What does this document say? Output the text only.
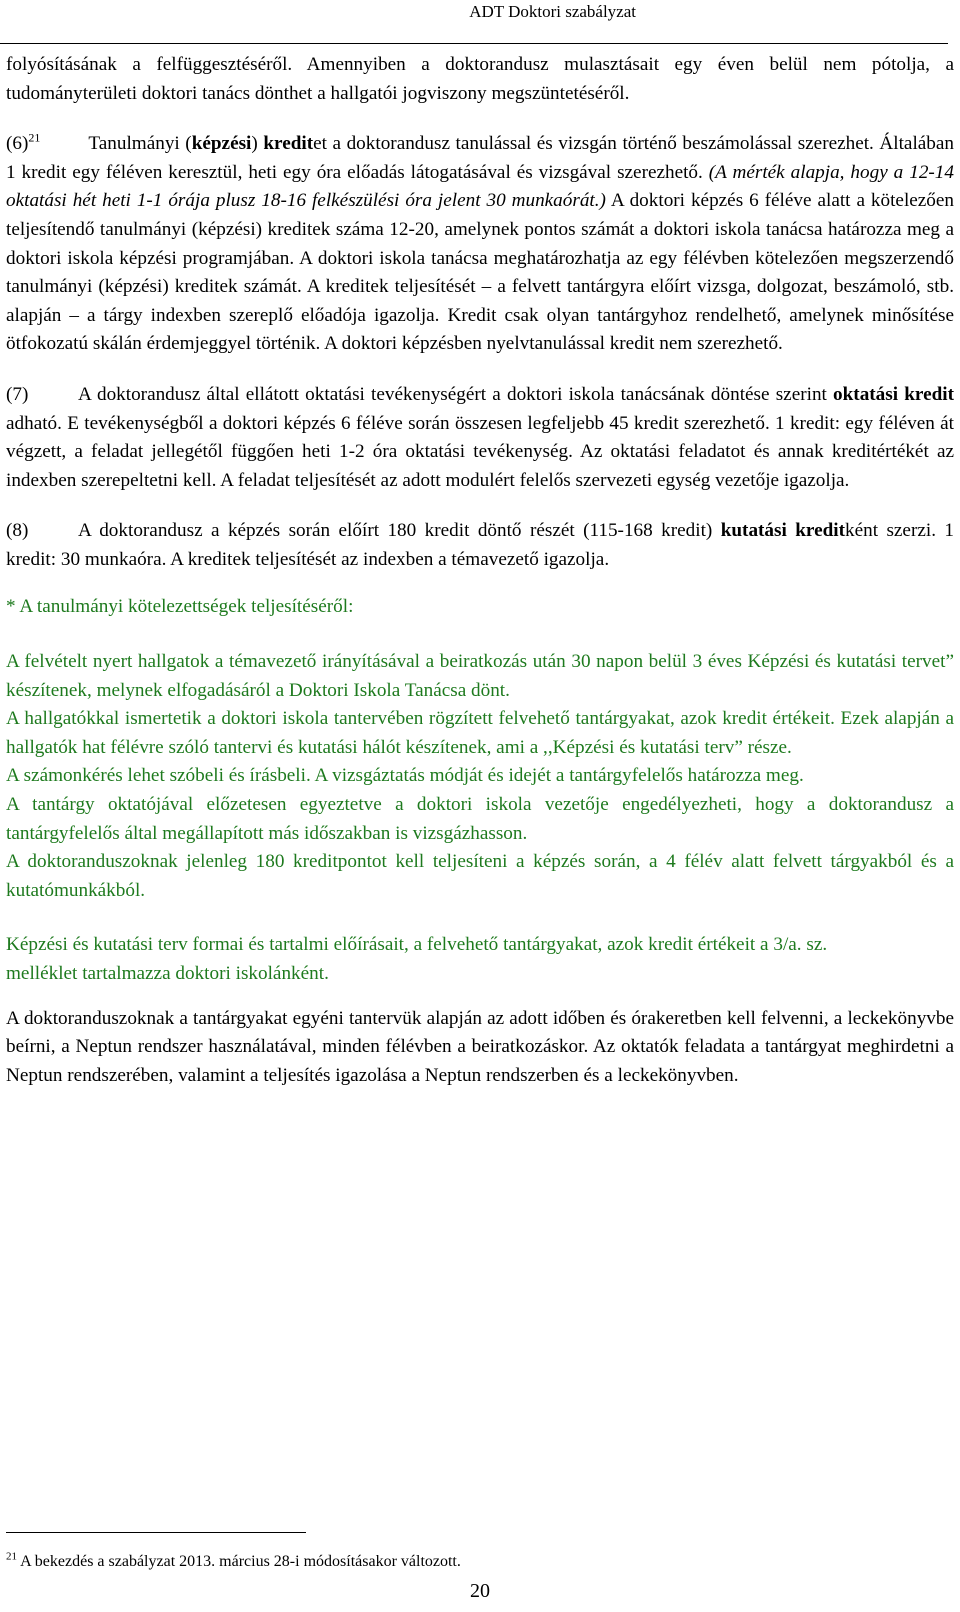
ADT Doktori szabályzat

folyósításának a felfüggesztéséről. Amennyiben a doktorandusz mulasztásait egy éven belül nem pótolja, a tudományterületi doktori tanács dönthet a hallgatói jogviszony megszüntetéséről.

$(6)^{21}$	Tanulmányi (képzési) kreditet a doktorandusz tanulással és vizsgán történő beszámolással szerezhet. Általában 1 kredit egy féléven keresztül, heti egy óra előadás látogatásával és vizsgával szerezhető. (A mérték alapja, hogy a 12-14 oktatási hét heti 1-1 órája plusz 18-16 felkészülési óra jelent 30 munkaórát.) A doktori képzés 6 féléve alatt a kötelezően teljesítendő tanulmányi (képzési) kreditek száma 12-20, amelynek pontos számát a doktori iskola tanácsa határozza meg a doktori iskola képzési programjában. A doktori iskola tanácsa meghatározhatja az egy félévben kötelezően megszerzendő tanulmányi (képzési) kreditek számát. A kreditek teljesítését – a felvett tantárgyra előírt vizsga, dolgozat, beszámoló, stb. alapján – a tárgy indexben szereplő előadója igazolja. Kredit csak olyan tantárgyhoz rendelhető, amelynek minősítése ötfokozatú skálán érdemjeggyel történik. A doktori képzésben nyelvtanulással kredit nem szerezhető.

(7)	A doktorandusz által ellátott oktatási tevékenységért a doktori iskola tanácsának döntése szerint oktatási kredit adható. E tevékenységből a doktori képzés 6 féléve során összesen legfeljebb 45 kredit szerezhető. 1 kredit: egy féléven át végzett, a feladat jellegétől függően heti 1-2 óra oktatási tevékenység. Az oktatási feladatot és annak kreditértékét az indexben szerepeltetni kell. A feladat teljesítését az adott modulért felelős szervezeti egység vezetője igazolja.

(8)	A doktorandusz a képzés során előírt 180 kredit döntő részét (115-168 kredit) kutatási kreditként szerzi. 1 kredit: 30 munkaóra. A kreditek teljesítését az indexben a témavezető igazolja.

* A tanulmányi kötelezettségek teljesítéséről:

A felvételt nyert hallgatok a témavezető irányításával a beiratkozás után 30 napon belül 3 éves Képzési és kutatási tervet” készítenek, melynek elfogadásáról a Doktori Iskola Tanácsa dönt.

A hallgatókkal ismertetik a doktori iskola tantervében rögzített felvehető tantárgyakat, azok kredit értékeit. Ezek alapján a hallgatók hat félévre szóló tantervi és kutatási hálót készítenek, ami a ,,Képzési és kutatási terv” része.

A számonkérés lehet szóbeli és írásbeli. A vizsgáztatás módját és idejét a tantárgyfelelős határozza meg.

A tantárgy oktatójával előzetesen egyeztetve a doktori iskola vezetője engedélyezheti, hogy a doktorandusz a tantárgyfelelős által megállapított más időszakban is vizsgázhasson.

A doktoranduszoknak jelenleg 180 kreditpontot kell teljesíteni a képzés során, a 4 félév alatt felvett tárgyakból és a kutatómunkákból.

Képzési és kutatási terv formai és tartalmi előírásait, a felvehető tantárgyakat, azok kredit értékeit a 3/a. sz. melléklet tartalmazza doktori iskolánként.

A doktoranduszoknak a tantárgyakat egyéni tantervük alapján az adott időben és órakeretben kell felvenni, a leckekönyvbe beírni, a Neptun rendszer használatával, minden félévben a beiratkozáskor. Az oktatók feladata a tantárgyat meghirdetni a Neptun rendszerében, valamint a teljesítés igazolása a Neptun rendszerben és a leckekönyvben.

$^{21}$ A bekezdés a szabályzat 2013. március 28-i módosításakor változott.
20
